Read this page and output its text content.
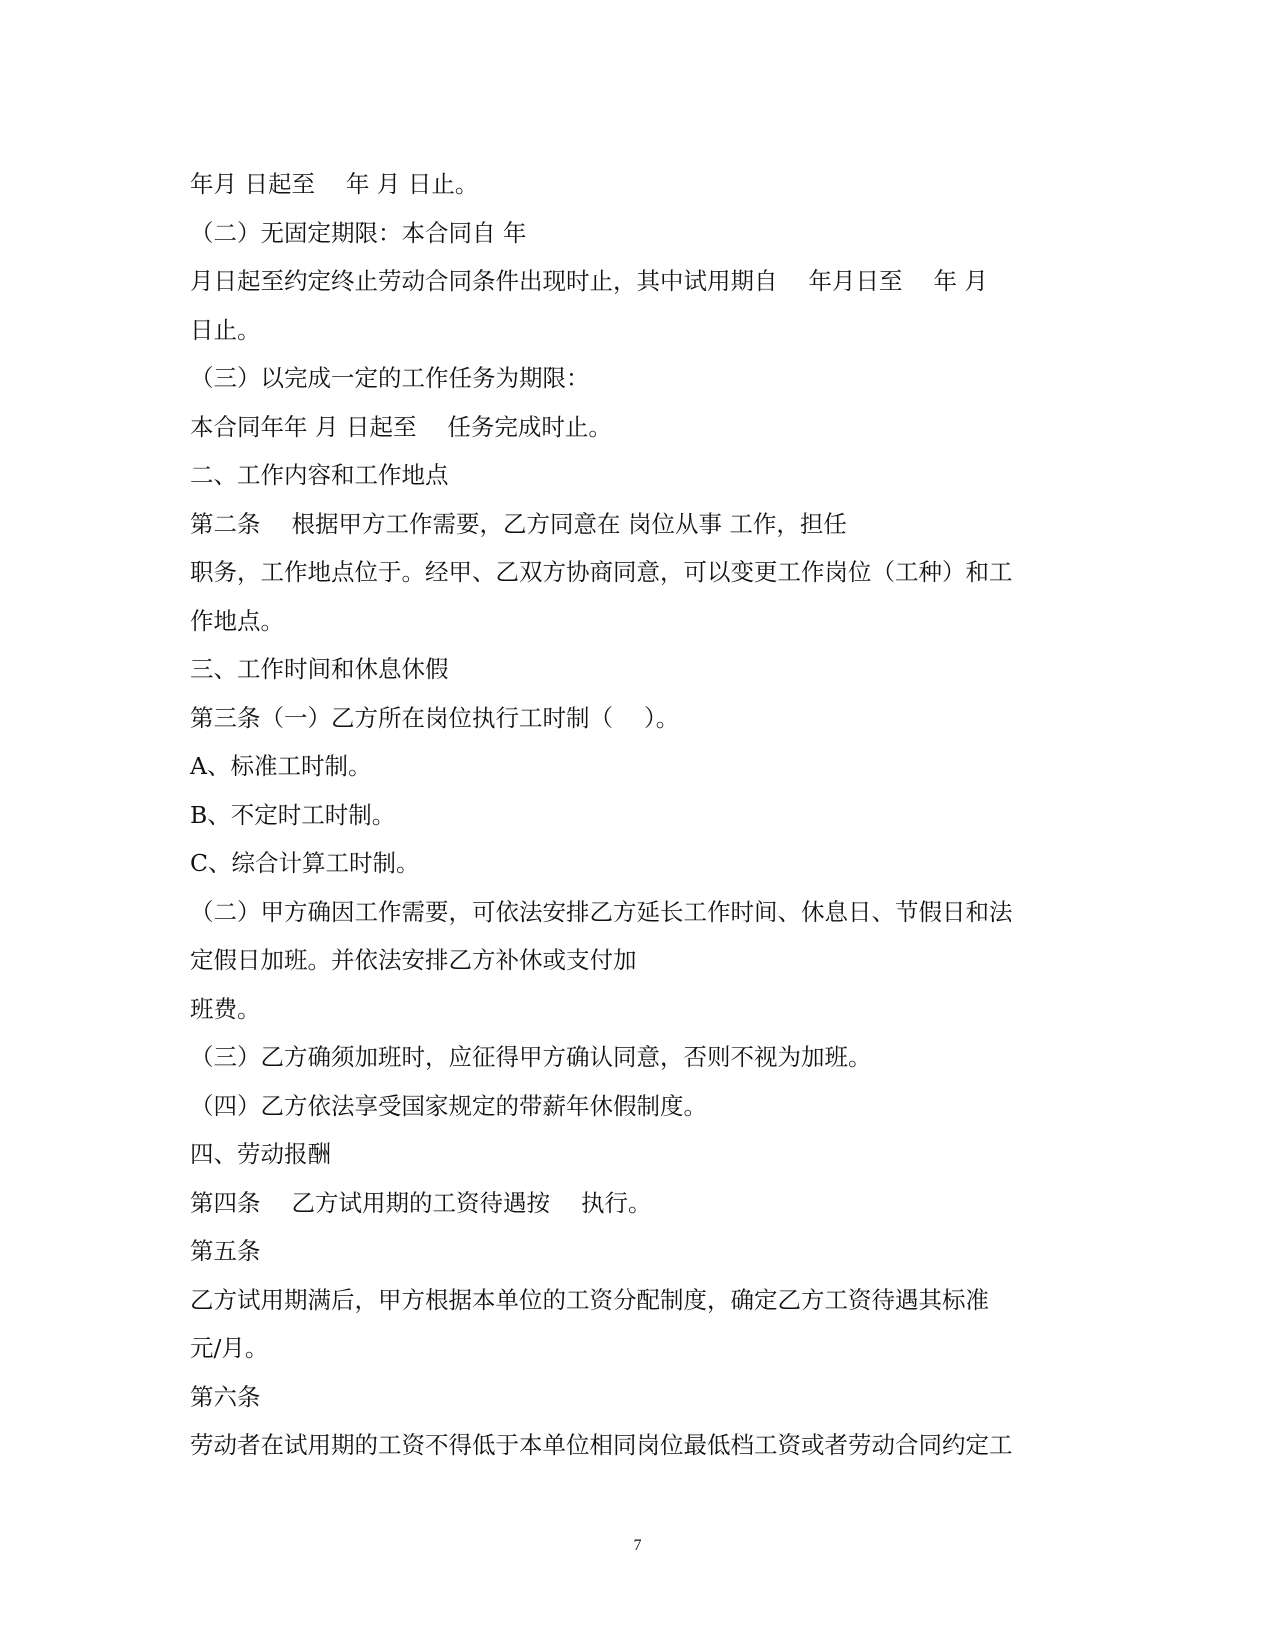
年月 日起至　 年 月 日止。
（二）无固定期限：本合同自 年
月日起至约定终止劳动合同条件出现时止，其中试用期自　 年月日至　 年 月
日止。
（三）以完成一定的工作任务为期限：
本合同年年 月 日起至　 任务完成时止。
二、工作内容和工作地点
第二条　 根据甲方工作需要，乙方同意在 岗位从事 工作，担任
职务，工作地点位于。经甲、乙双方协商同意，可以变更工作岗位（工种）和工
作地点。
三、工作时间和休息休假
第三条（一）乙方所在岗位执行工时制（　 ）。
A、标准工时制。
B、不定时工时制。
C、综合计算工时制。
（二）甲方确因工作需要，可依法安排乙方延长工作时间、休息日、节假日和法
定假日加班。并依法安排乙方补休或支付加
班费。
（三）乙方确须加班时，应征得甲方确认同意，否则不视为加班。
（四）乙方依法享受国家规定的带薪年休假制度。
四、劳动报酬
第四条　 乙方试用期的工资待遇按　 执行。
第五条
乙方试用期满后，甲方根据本单位的工资分配制度，确定乙方工资待遇其标准
元/月。
第六条
劳动者在试用期的工资不得低于本单位相同岗位最低档工资或者劳动合同约定工
7
